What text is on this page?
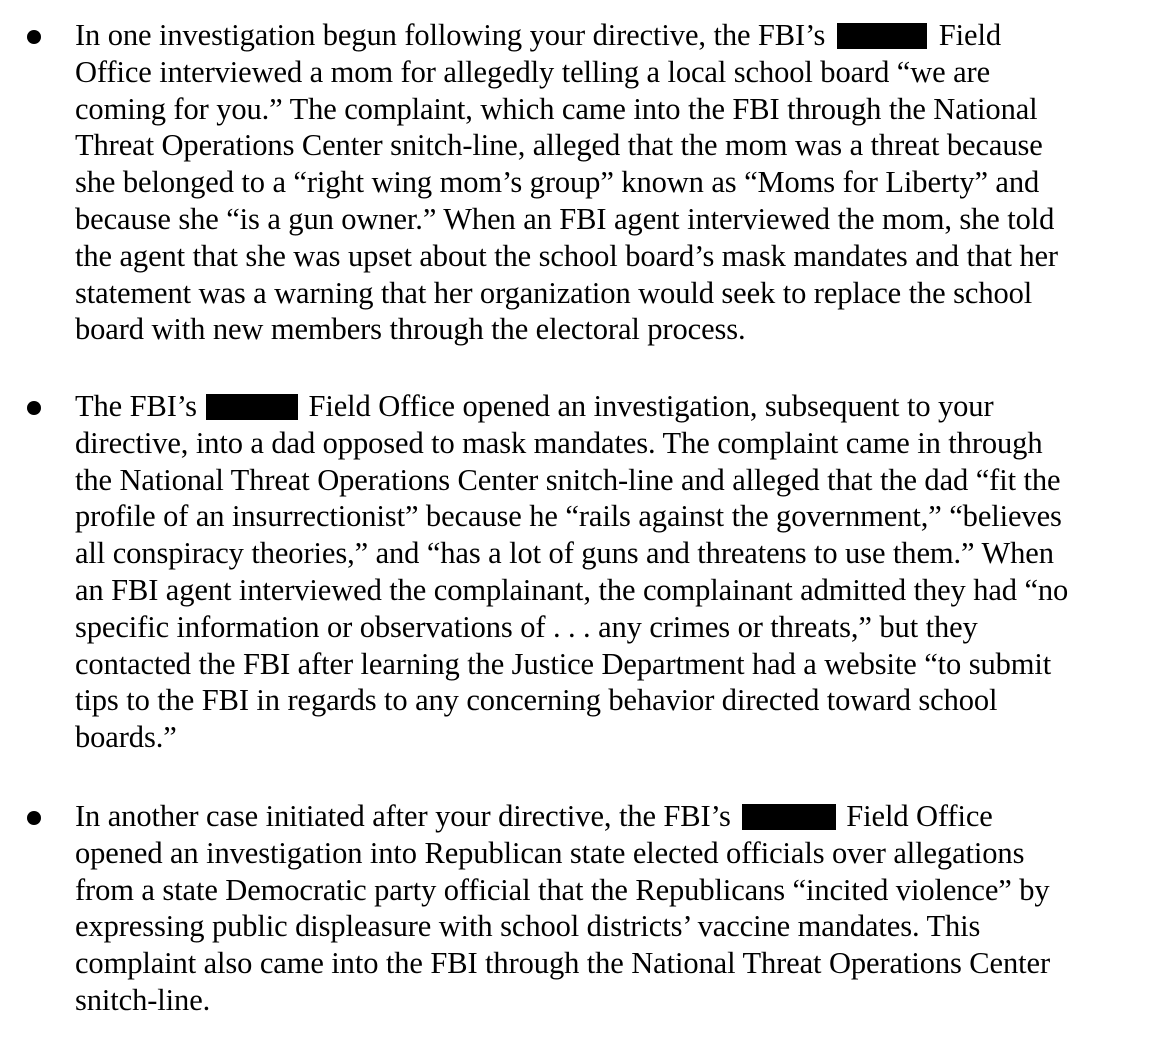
In one investigation begun following your directive, the FBI’s	Field
Office interviewed a mom for allegedly telling a local school board “we are
coming for you.” The complaint, which came into the FBI through the National
Threat Operations Center snitch-line, alleged that the mom was a threat because
she belonged to a “right wing mom’s group” known as “Moms for Liberty” and
because she “is a gun owner.” When an FBI agent interviewed the mom, she told
the agent that she was upset about the school board’s mask mandates and that her
statement was a warning that her organization would seek to replace the school
board with new members through the electoral process.
The FBI’s	Field Office opened an investigation, subsequent to your
directive, into a dad opposed to mask mandates. The complaint came in through
the National Threat Operations Center snitch-line and alleged that the dad “fit the
profile of an insurrectionist” because he “rails against the government,” “believes
all conspiracy theories,” and “has a lot of guns and threatens to use them.” When
an FBI agent interviewed the complainant, the complainant admitted they had “no
specific information or observations of . . . any crimes or threats,” but they
contacted the FBI after learning the Justice Department had a website “to submit
tips to the FBI in regards to any concerning behavior directed toward school
boards.”
In another case initiated after your directive, the FBI’s	Field Office
opened an investigation into Republican state elected officials over allegations
from a state Democratic party official that the Republicans “incited violence” by
expressing public displeasure with school districts’ vaccine mandates. This
complaint also came into the FBI through the National Threat Operations Center
snitch-line.
